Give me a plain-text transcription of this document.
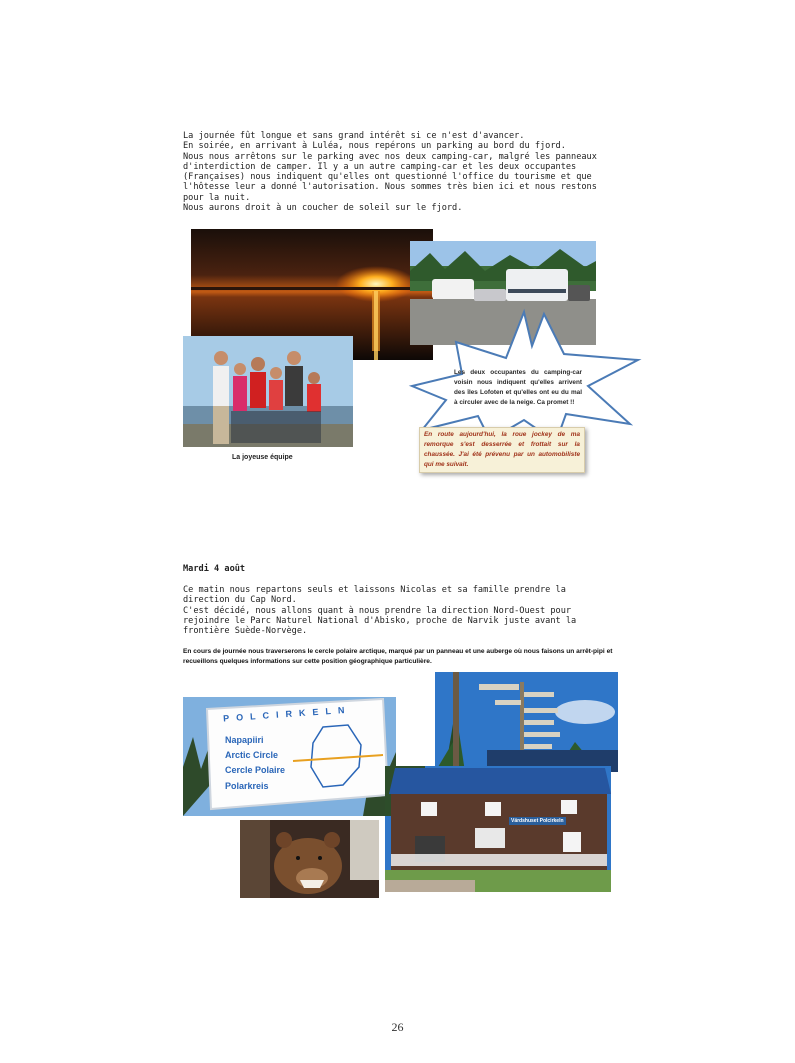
La journée fût longue et sans grand intérêt si ce n'est d'avancer.
En soirée, en arrivant à Luléa, nous repérons un parking au bord du fjord.
Nous nous arrêtons sur le parking avec nos deux camping-car, malgré les panneaux
d'interdiction de camper. Il y a un autre camping-car et les deux occupantes
(Françaises) nous indiquent qu'elles ont questionné l'office du tourisme et que
l'hôtesse leur a donné l'autorisation. Nous sommes très bien ici et nous restons
pour la nuit.
Nous aurons droit à un coucher de soleil sur le fjord.
La joyeuse équipe
Les deux occupantes du camping-car voisin nous indiquent qu'elles arrivent des îles Lofoten et qu'elles ont eu du mal à circuler avec de la neige. Ca promet !!
En route aujourd'hui, la roue jockey de ma remorque s'est desserrée et frottait sur la chaussée. J'ai été prévenu par un automobiliste qui me suivait.
Mardi 4 août
Ce matin nous repartons seuls et laissons Nicolas et sa famille prendre la
direction du Cap Nord.
C'est décidé, nous allons quant à nous prendre la direction Nord-Ouest pour
rejoindre le Parc Naturel National d'Abisko, proche de Narvik juste avant la
frontière Suède-Norvège.
En cours de journée nous traverserons le cercle polaire arctique, marqué par un panneau et une auberge où nous faisons un arrêt-pipi et recueillons quelques informations sur cette position géographique particulière.
POLCIRKELN
Napapiiri
Arctic Circle
Cercle Polaire
Polarkreis
Värdshuset Polcirkeln
26
